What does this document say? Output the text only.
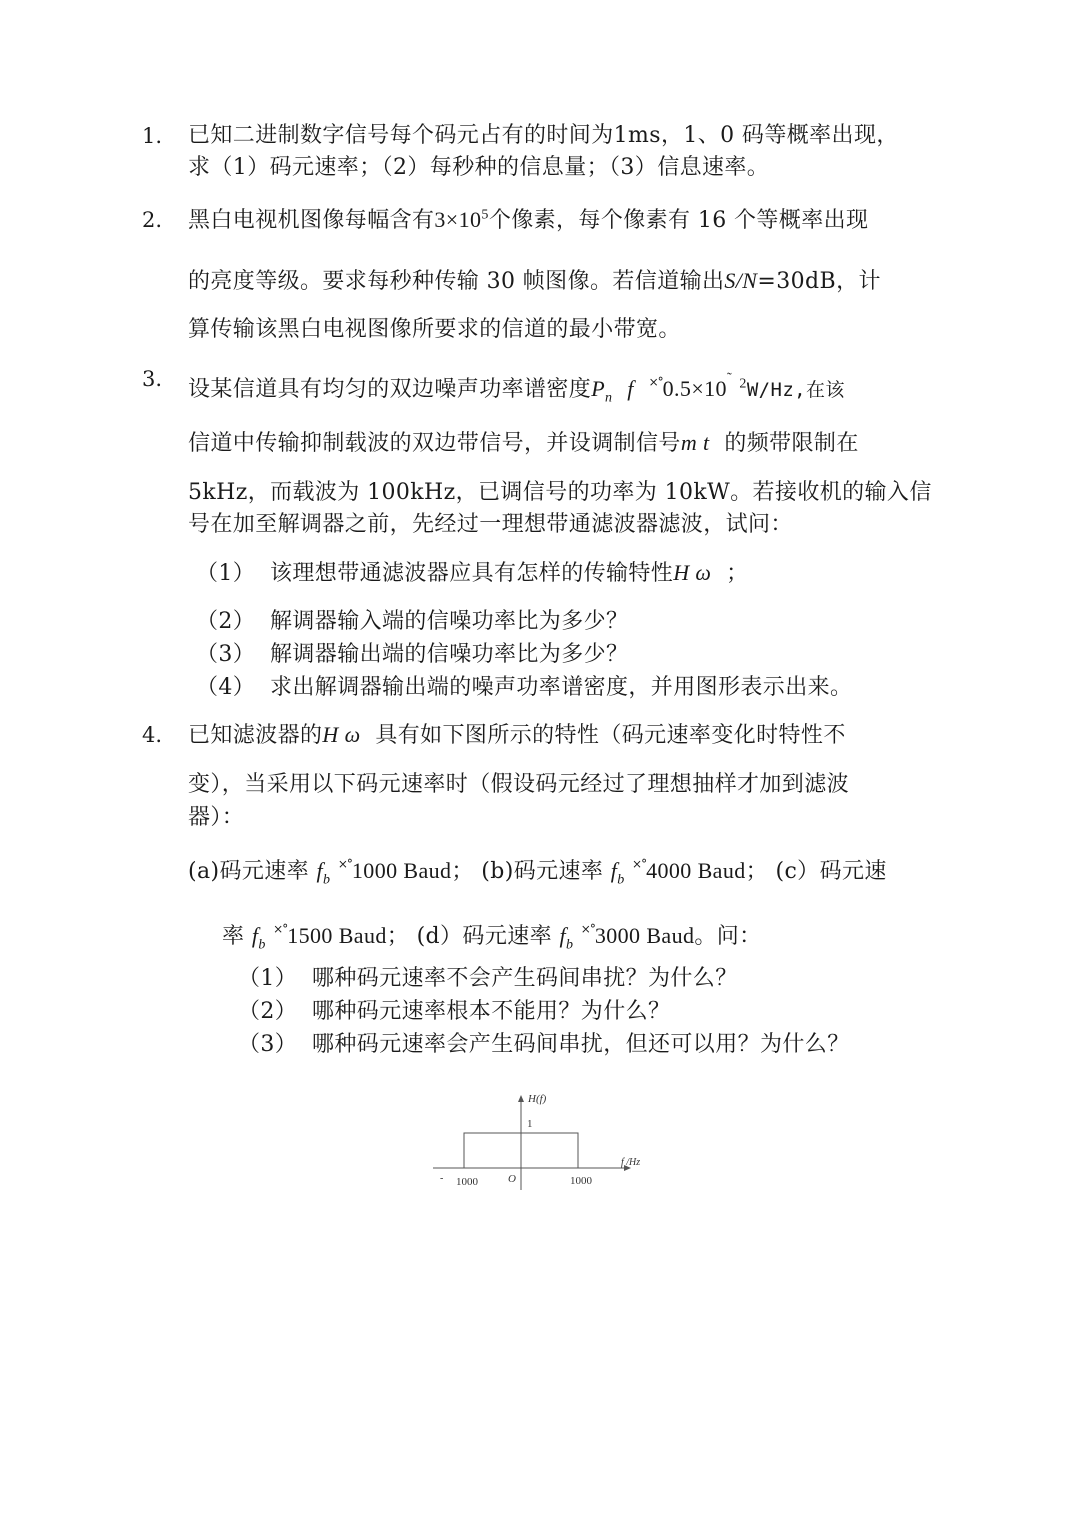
1. 已知二进制数字信号每个码元占有的时间为1ms，1、0 码等概率出现，
求（1）码元速率；（2）每秒种的信息量；（3）信息速率。
2. 黑白电视机图像每幅含有$3\times 10^5$个像素，每个像素有 16 个等概率出现
的亮度等级。要求每秒种传输 30 帧图像。若信道输出S/N=30dB，计
算传输该黑白电视图像所要求的信道的最小带宽。
3. 设某信道具有均匀的双边噪声功率谱密度$P_n$ f ×°0.5×10˜ $^2$W/Hz,在该
信道中传输抑制载波的双边带信号，并设调制信号m t 的频带限制在
5kHz，而载波为 100kHz，已调信号的功率为 10kW。若接收机的输入信
号在加至解调器之前，先经过一理想带通滤波器滤波，试问：
（1） 该理想带通滤波器应具有怎样的传输特性H ω ；
（2） 解调器输入端的信噪功率比为多少？
（3） 解调器输出端的信噪功率比为多少？
（4） 求出解调器输出端的噪声功率谱密度，并用图形表示出来。
4. 已知滤波器的H ω 具有如下图所示的特性（码元速率变化时特性不
变），当采用以下码元速率时（假设码元经过了理想抽样才加到滤波
器）：
(a)码元速率 $f_b$ ×°1000 Baud； (b)码元速率 $f_b$ ×°4000 Baud； (c）码元速
率 $f_b$ ×°1500 Baud； (d）码元速率 $f_b$ ×°3000 Baud。问：
（1） 哪种码元速率不会产生码间串扰？为什么？
（2） 哪种码元速率根本不能用？为什么？
（3） 哪种码元速率会产生码间串扰，但还可以用？为什么？
H(f)
1
f /Hz
O
- 1000	1000
